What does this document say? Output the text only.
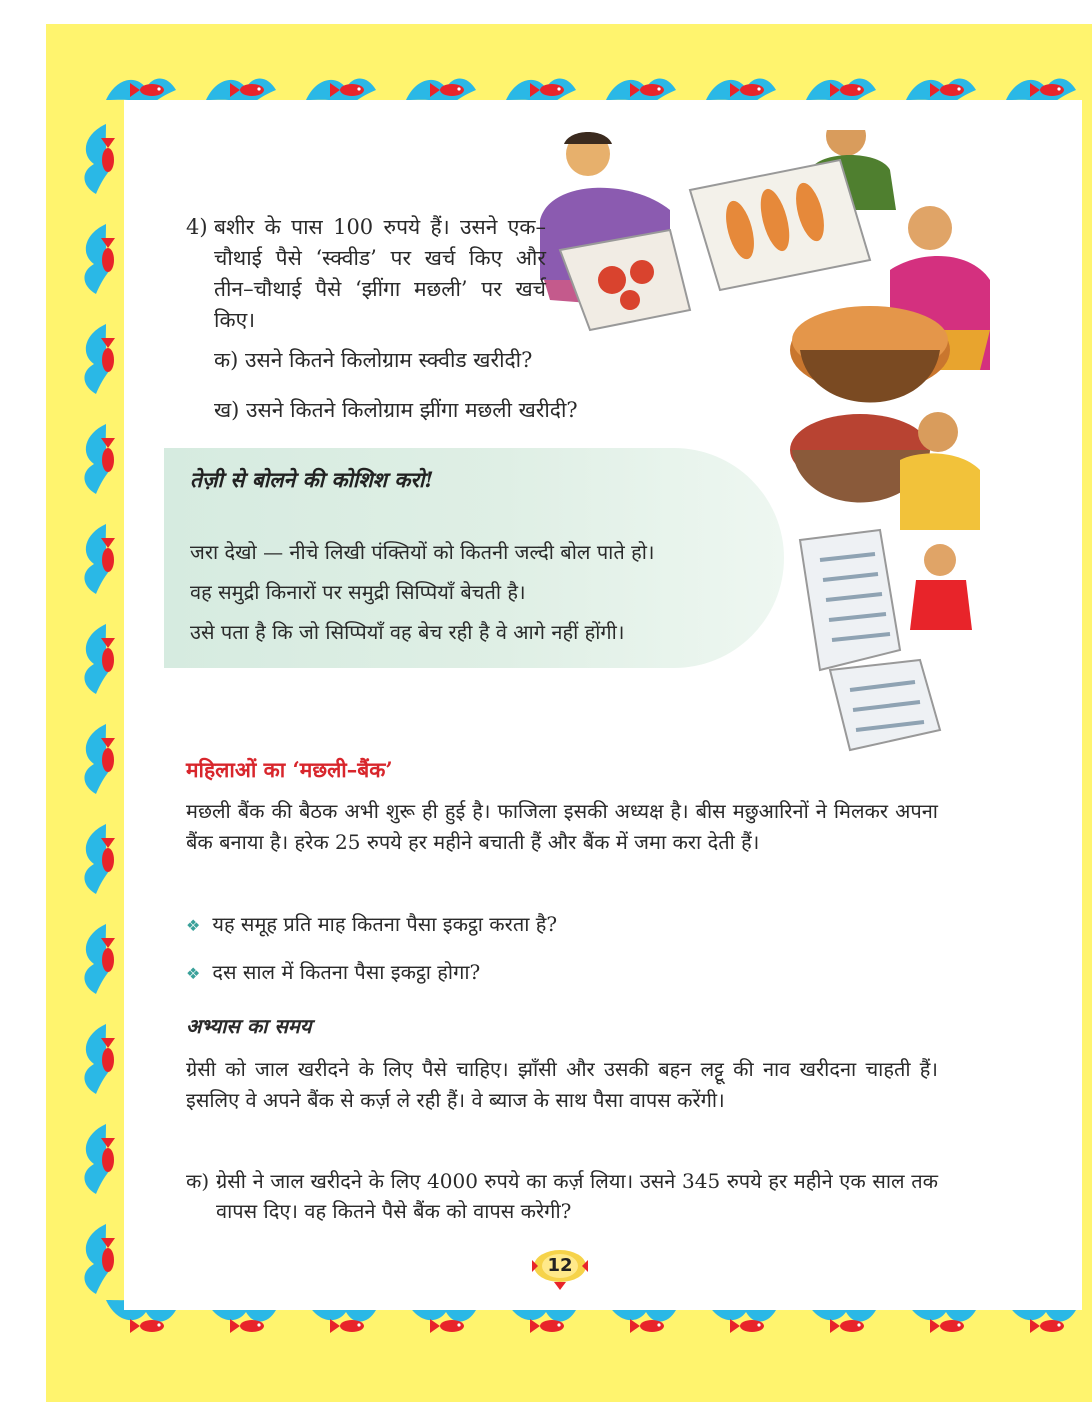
4) बशीर के पास 100 रुपये हैं। उसने एक–चौथाई पैसे ‘स्क्वीड’ पर खर्च किए और तीन–चौथाई पैसे ‘झींगा मछली’ पर खर्च किए।
क) उसने कितने किलोग्राम स्क्वीड खरीदी?
ख) उसने कितने किलोग्राम झींगा मछली खरीदी?
तेज़ी से बोलने की कोशिश करो!
जरा देखो — नीचे लिखी पंक्तियों को कितनी जल्दी बोल पाते हो।
वह समुद्री किनारों पर समुद्री सिप्पियाँ बेचती है।
उसे पता है कि जो सिप्पियाँ वह बेच रही है वे आगे नहीं होंगी।
महिलाओं का ‘मछली–बैंक’
मछली बैंक की बैठक अभी शुरू ही हुई है। फाजिला इसकी अध्यक्ष है। बीस मछुआरिनों ने मिलकर अपना बैंक बनाया है। हरेक 25 रुपये हर महीने बचाती हैं और बैंक में जमा करा देती हैं।
❖ यह समूह प्रति माह कितना पैसा इकट्ठा करता है?
❖ दस साल में कितना पैसा इकट्ठा होगा?
अभ्यास का समय
ग्रेसी को जाल खरीदने के लिए पैसे चाहिए। झाँसी और उसकी बहन लट्टू की नाव खरीदना चाहती हैं। इसलिए वे अपने बैंक से कर्ज़ ले रही हैं। वे ब्याज के साथ पैसा वापस करेंगी।
क) ग्रेसी ने जाल खरीदने के लिए 4000 रुपये का कर्ज़ लिया। उसने 345 रुपये हर महीने एक साल तक वापस दिए। वह कितने पैसे बैंक को वापस करेगी?
12
